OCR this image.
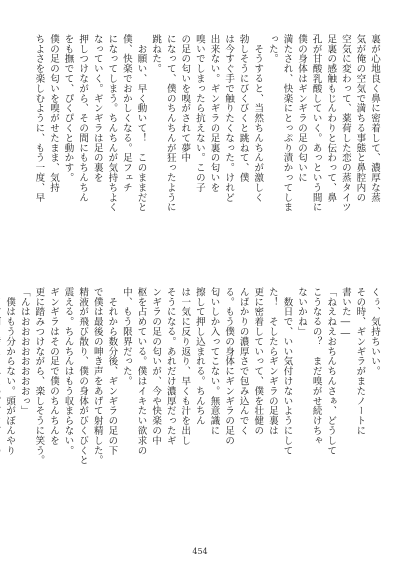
裏が心地良く鼻に密着して、濃厚な蒸
気が俺の空気で満ちる事態と鼻腔内の
空気に変わって、薬荷した恋の蒸タイツ
足裏の感触もじんわりと伝わって、鼻
孔が甘酸乳酸していく。あっという間に
僕の身体はギンギラの足の匂いに
満たされ、快楽にとっぷり漬かってしま
った。
　そうすると、当然ちんちんが激しく
勃しそうにびくびくと跳ねて、僕
は今すぐ手で触りたくなった。けれど
出来ない。ギンギラの足裏の匂いを
嗅いでしまったら抗えない。この子
の足の匂いを嗅がされて夢中
になって、僕のちんちんが狂ったように
跳ねた。
　お願い、早く動いて！　このままだと
僕、快楽でおかしくなる。足フェチ
になってしまう。ちんちんが気持ちよく
なっていく。ギンギラは足の裏を
押しつけながら、その間にもちんちん
をも撫でて、ぴくぴくと動かす。
僕の足の匂いを嗅がせたまま、気持
ちよさを楽しむように、もう一度、早
くぅ、気持ちいい。
その時、ギンギラがまたノートに
書いた――
「ねえねえおちんちんさぁ、どうして
こうなるの？　まだ嗅がせ続けちゃ
ないかね」
　数日で、いい気付けないようにして
た！　そしたらギンギラの足裏は
更に密着していって、僕を壮健の
んばかりの濃厚さで包み込んでく
る。もう僕の身体にギンギラの足の
匂いしか入ってこない。無意識に
擦して押し込まれる。ちんちん
は一気に反り返り、早くも汁を出し
そうになる。あれだけ濃厚だったギ
ンギラの足の匂いが、今や快楽の中
枢を占めている。僕はイキたい欲求の
中、もう限界だった。
　それから数分後、ギンギラの足の下
で僕は最後の呻き声をあげて射精した。
精液が飛び散り、僕の身体がびくびくと
震える。ちんちんはもう収まらない。
ギンギラはその足で僕のちんちんを
更に踏みつけながら、楽しそうに笑う。
「んはおおおおおおおおっ」
　僕はもう分からない。頭がぼんやり
454
